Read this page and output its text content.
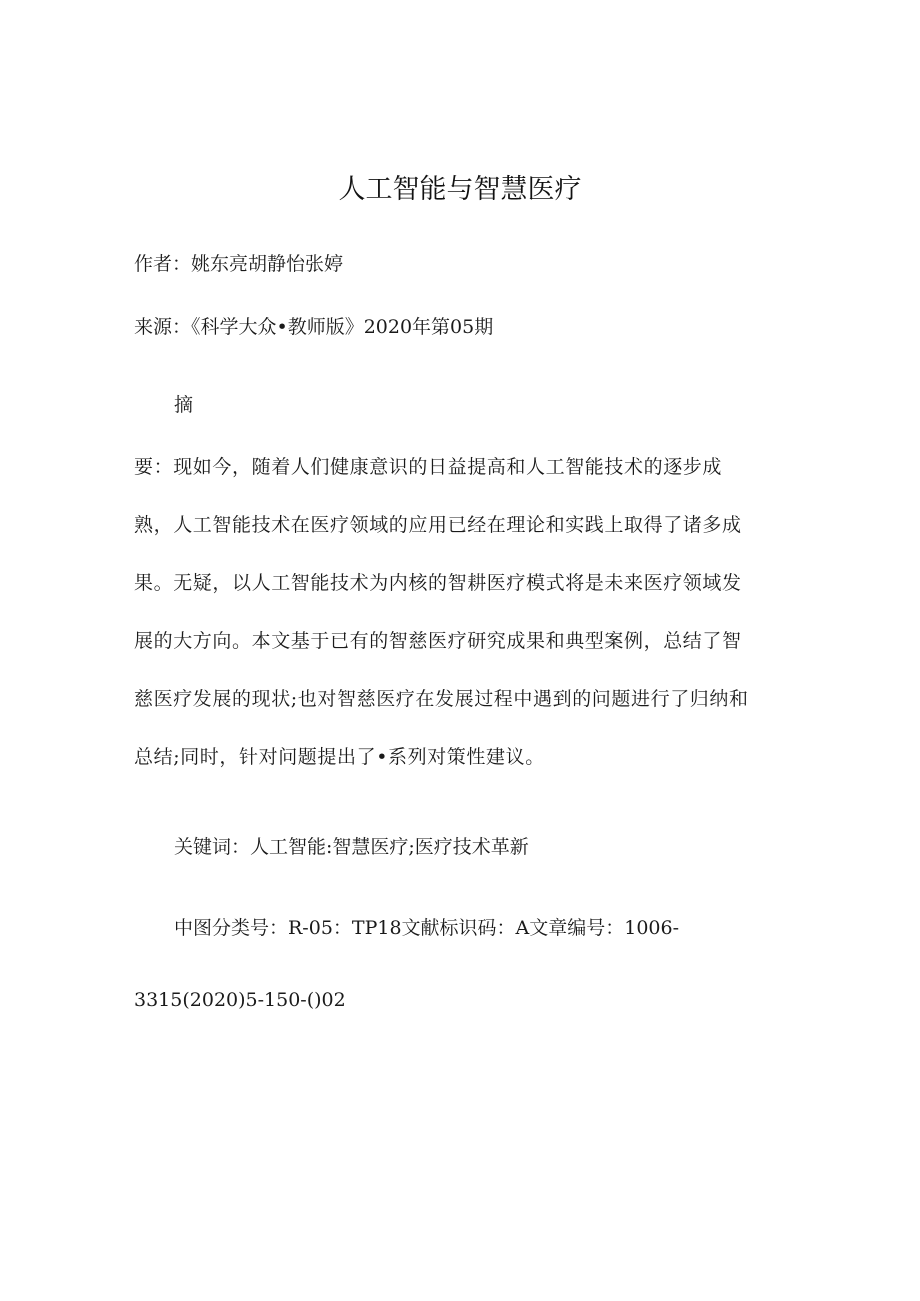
人工智能与智慧医疗
作者：姚东亮胡静怡张婷
来源：《科学大众•教师版》2020年第05期
摘
要：现如今，随着人们健康意识的日益提高和人工智能技术的逐步成
熟，人工智能技术在医疗领域的应用已经在理论和实践上取得了诸多成
果。无疑，以人工智能技术为内核的智耕医疗模式将是未来医疗领域发
展的大方向。本文基于已有的智慈医疗研究成果和典型案例，总结了智
慈医疗发展的现状;也对智慈医疗在发展过程中遇到的问题进行了归纳和
总结;同时，针对问题提出了•系列对策性建议。
关键词：人工智能:智慧医疗;医疗技术革新
中图分类号：R-05：TP18文献标识码：A文章编号：1006-
3315(2020)5-150-()02
